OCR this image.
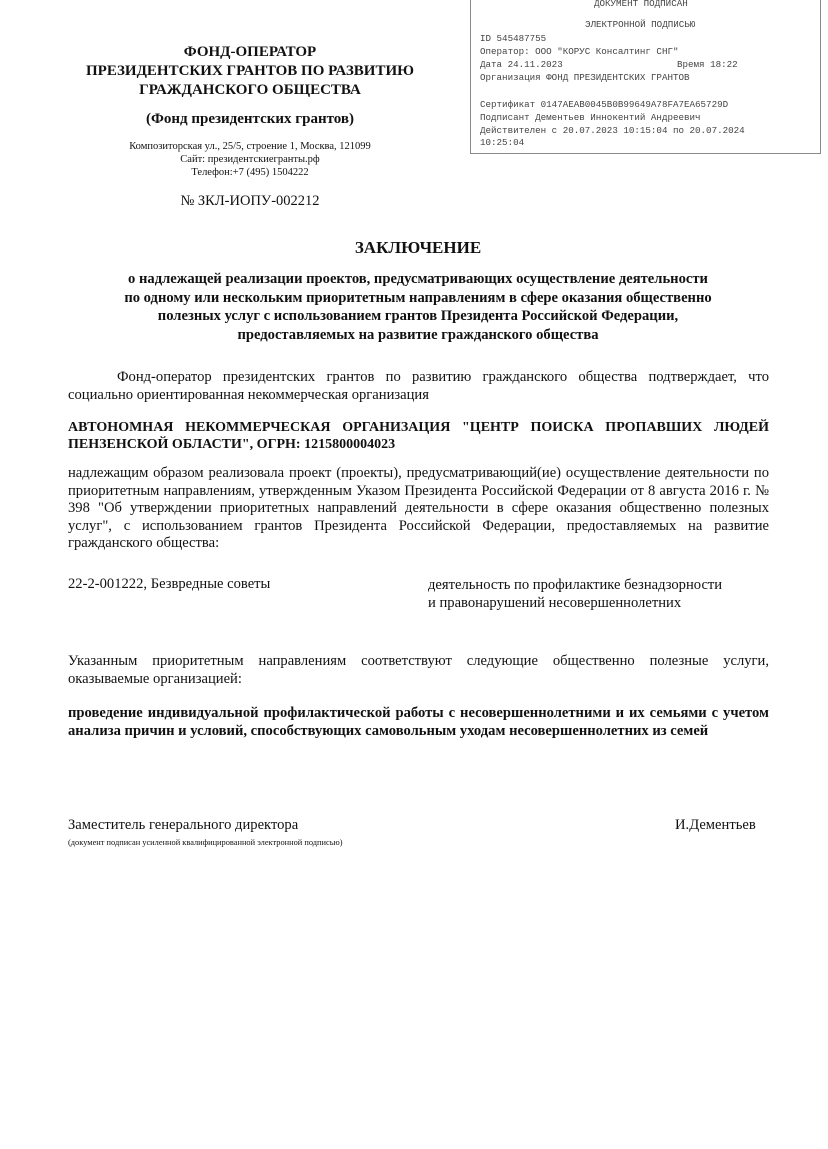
ДОКУМЕНТ ПОДПИСАН
ЭЛЕКТРОННОЙ ПОДПИСЬЮ
ID 545487755
Оператор: ООО "КОРУС Консалтинг СНГ"
Дата 24.11.2023	Время 18:22
Организация ФОНД ПРЕЗИДЕНТСКИХ ГРАНТОВ
Сертификат 0147AEAB0045B0B99649A78FA7EA65729D
Подписант Дементьев Иннокентий Андреевич
Действителен с 20.07.2023 10:15:04 по 20.07.2024
10:25:04
ФОНД-ОПЕРАТОР
ПРЕЗИДЕНТСКИХ ГРАНТОВ ПО РАЗВИТИЮ
ГРАЖДАНСКОГО ОБЩЕСТВА
(Фонд президентских грантов)
Композиторская ул., 25/5, строение 1, Москва, 121099
Сайт: президентскиегранты.рф
Телефон:+7 (495) 1504222
№ ЗКЛ-ИОПУ-002212
ЗАКЛЮЧЕНИЕ
о надлежащей реализации проектов, предусматривающих осуществление деятельности
по одному или нескольким приоритетным направлениям в сфере оказания общественно
полезных услуг с использованием грантов Президента Российской Федерации,
предоставляемых на развитие гражданского общества
Фонд-оператор президентских грантов по развитию гражданского общества подтверждает, что социально ориентированная некоммерческая организация
АВТОНОМНАЯ НЕКОММЕРЧЕСКАЯ ОРГАНИЗАЦИЯ "ЦЕНТР ПОИСКА ПРОПАВШИХ ЛЮДЕЙ ПЕНЗЕНСКОЙ ОБЛАСТИ", ОГРН: 1215800004023
надлежащим образом реализовала проект (проекты), предусматривающий(ие) осуществление деятельности по приоритетным направлениям, утвержденным Указом Президента Российской Федерации от 8 августа 2016 г. № 398 "Об утверждении приоритетных направлений деятельности в сфере оказания общественно полезных услуг", с использованием грантов Президента Российской Федерации, предоставляемых на развитие гражданского общества:
22-2-001222, Безвредные советы	деятельность по профилактике безнадзорности
и правонарушений несовершеннолетних
Указанным приоритетным направлениям соответствуют следующие общественно полезные услуги, оказываемые организацией:
проведение индивидуальной профилактической работы с несовершеннолетними и их семьями с учетом анализа причин и условий, способствующих самовольным уходам несовершеннолетних из семей
Заместитель генерального директора
(документ подписан усиленной квалифицированной электронной подписью)
И.Дементьев
